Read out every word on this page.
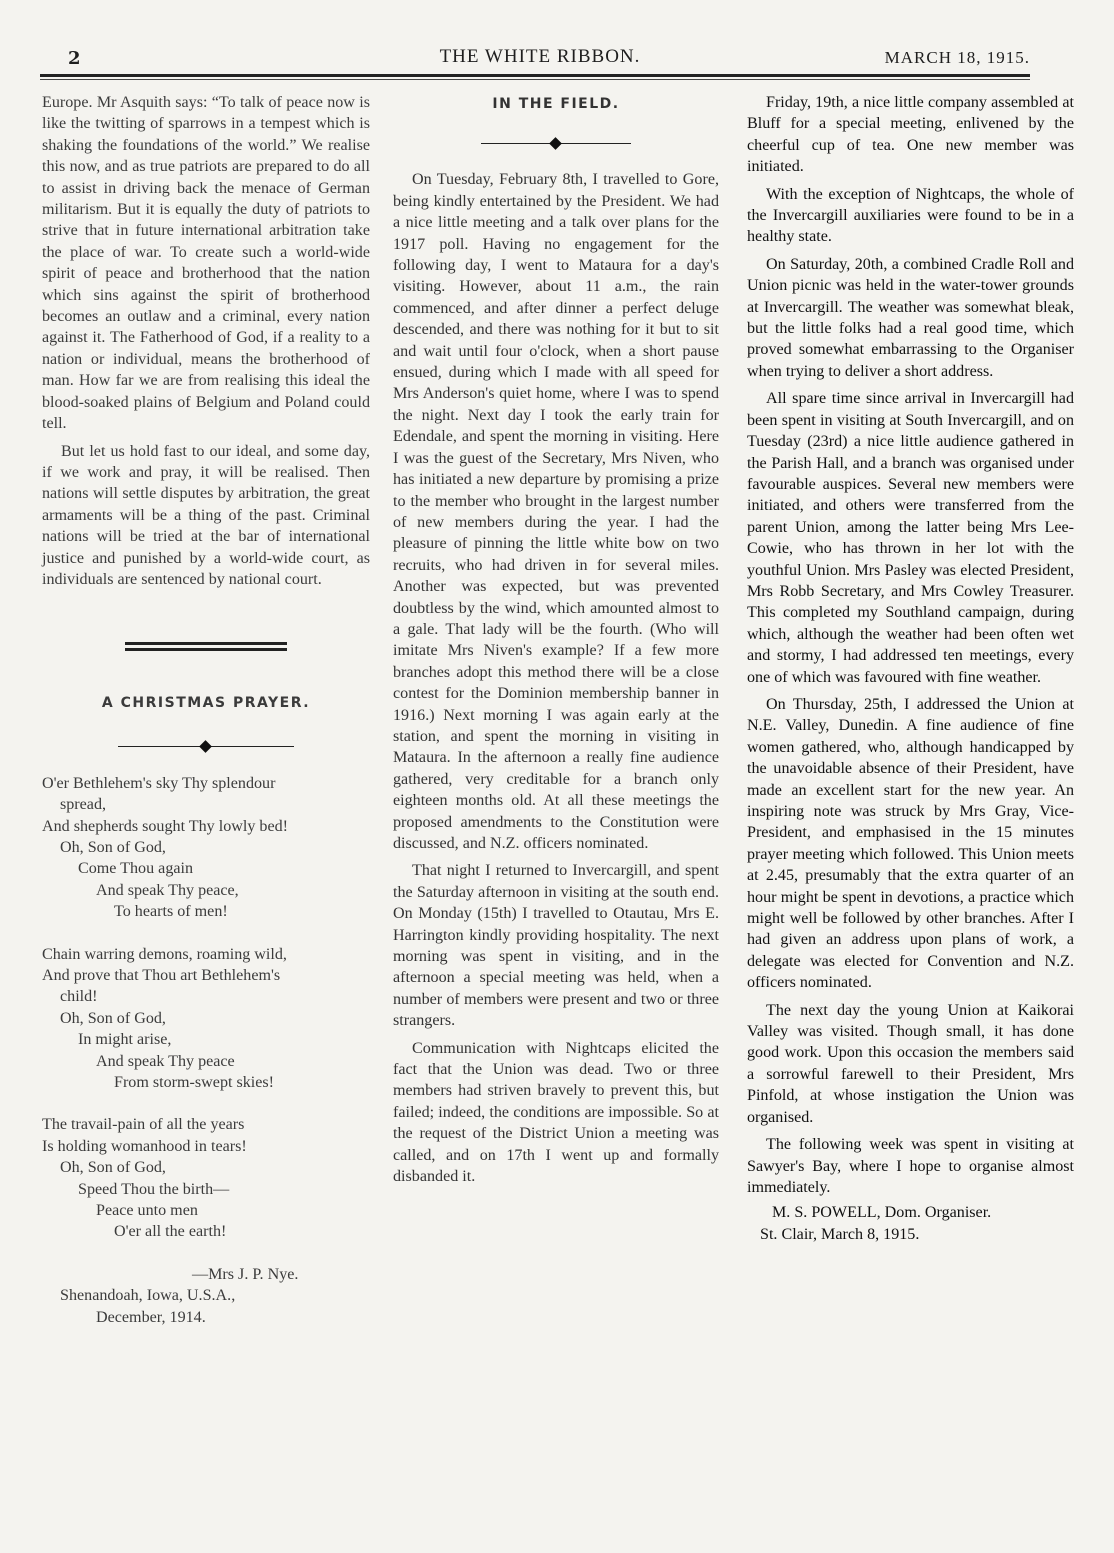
2	THE WHITE RIBBON.	MARCH 18, 1915.

Europe. Mr Asquith says: “To talk of peace now is like the twitting of sparrows in a tempest which is shaking the foundations of the world.” We realise this now, and as true patriots are prepared to do all to assist in driving back the menace of German militarism. But it is equally the duty of patriots to strive that in future international arbitration take the place of war. To create such a world-wide spirit of peace and brotherhood that the nation which sins against the spirit of brotherhood becomes an outlaw and a criminal, every nation against it. The Fatherhood of God, if a reality to a nation or individual, means the brotherhood of man. How far we are from realising this ideal the blood-soaked plains of Belgium and Poland could tell.

But let us hold fast to our ideal, and some day, if we work and pray, it will be realised. Then nations will settle disputes by arbitration, the great armaments will be a thing of the past. Criminal nations will be tried at the bar of international justice and punished by a world-wide court, as individuals are sentenced by national court.

A CHRISTMAS PRAYER.
O'er Bethlehem's sky Thy splendour
spread,
And shepherds sought Thy lowly bed!
Oh, Son of God,
Come Thou again
And speak Thy peace,
To hearts of men!
Chain warring demons, roaming wild,
And prove that Thou art Bethlehem's
child!
Oh, Son of God,
In might arise,
And speak Thy peace
From storm-swept skies!
The travail-pain of all the years
Is holding womanhood in tears!
Oh, Son of God,
Speed Thou the birth—
Peace unto men
O'er all the earth!
—Mrs J. P. Nye.
Shenandoah, Iowa, U.S.A.,
December, 1914.
IN THE FIELD.

On Tuesday, February 8th, I travelled to Gore, being kindly entertained by the President. We had a nice little meeting and a talk over plans for the 1917 poll. Having no engagement for the following day, I went to Mataura for a day's visiting. However, about 11 a.m., the rain commenced, and after dinner a perfect deluge descended, and there was nothing for it but to sit and wait until four o'clock, when a short pause ensued, during which I made with all speed for Mrs Anderson's quiet home, where I was to spend the night. Next day I took the early train for Edendale, and spent the morning in visiting. Here I was the guest of the Secretary, Mrs Niven, who has initiated a new departure by promising a prize to the member who brought in the largest number of new members during the year. I had the pleasure of pinning the little white bow on two recruits, who had driven in for several miles. Another was expected, but was prevented doubtless by the wind, which amounted almost to a gale. That lady will be the fourth. (Who will imitate Mrs Niven's example? If a few more branches adopt this method there will be a close contest for the Dominion membership banner in 1916.) Next morning I was again early at the station, and spent the morning in visiting in Mataura. In the afternoon a really fine audience gathered, very creditable for a branch only eighteen months old. At all these meetings the proposed amendments to the Constitution were discussed, and N.Z. officers nominated.

That night I returned to Invercargill, and spent the Saturday afternoon in visiting at the south end. On Monday (15th) I travelled to Otautau, Mrs E. Harrington kindly providing hospitality. The next morning was spent in visiting, and in the afternoon a special meeting was held, when a number of members were present and two or three strangers.

Communication with Nightcaps elicited the fact that the Union was dead. Two or three members had striven bravely to prevent this, but failed; indeed, the conditions are impossible. So at the request of the District Union a meeting was called, and on 17th I went up and formally disbanded it.

Friday, 19th, a nice little company assembled at Bluff for a special meeting, enlivened by the cheerful cup of tea. One new member was initiated.

With the exception of Nightcaps, the whole of the Invercargill auxiliaries were found to be in a healthy state.

On Saturday, 20th, a combined Cradle Roll and Union picnic was held in the water-tower grounds at Invercargill. The weather was somewhat bleak, but the little folks had a real good time, which proved somewhat embarrassing to the Organiser when trying to deliver a short address.

All spare time since arrival in Invercargill had been spent in visiting at South Invercargill, and on Tuesday (23rd) a nice little audience gathered in the Parish Hall, and a branch was organised under favourable auspices. Several new members were initiated, and others were transferred from the parent Union, among the latter being Mrs Lee-Cowie, who has thrown in her lot with the youthful Union. Mrs Pasley was elected President, Mrs Robb Secretary, and Mrs Cowley Treasurer. This completed my Southland campaign, during which, although the weather had been often wet and stormy, I had addressed ten meetings, every one of which was favoured with fine weather.

On Thursday, 25th, I addressed the Union at N.E. Valley, Dunedin. A fine audience of fine women gathered, who, although handicapped by the unavoidable absence of their President, have made an excellent start for the new year. An inspiring note was struck by Mrs Gray, Vice-President, and emphasised in the 15 minutes prayer meeting which followed. This Union meets at 2.45, presumably that the extra quarter of an hour might be spent in devotions, a practice which might well be followed by other branches. After I had given an address upon plans of work, a delegate was elected for Convention and N.Z. officers nominated.

The next day the young Union at Kaikorai Valley was visited. Though small, it has done good work. Upon this occasion the members said a sorrowful farewell to their President, Mrs Pinfold, at whose instigation the Union was organised.

The following week was spent in visiting at Sawyer's Bay, where I hope to organise almost immediately.

M. S. POWELL, Dom. Organiser.
St. Clair, March 8, 1915.
